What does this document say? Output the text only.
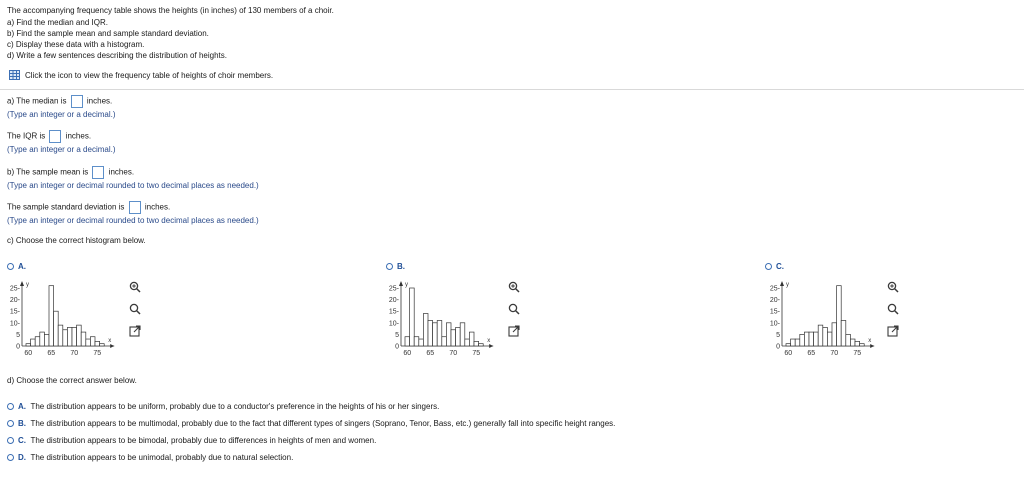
The accompanying frequency table shows the heights (in inches) of 130 members of a choir.
a) Find the median and IQR.
b) Find the sample mean and sample standard deviation.
c) Display these data with a histogram.
d) Write a few sentences describing the distribution of heights.
Click the icon to view the frequency table of heights of choir members.
a) The median is	inches.
(Type an integer or a decimal.)
The IQR is	inches.
(Type an integer or a decimal.)
b) The sample mean is	inches.
(Type an integer or decimal rounded to two decimal places as needed.)
The sample standard deviation is	inches.
(Type an integer or decimal rounded to two decimal places as needed.)
c) Choose the correct histogram below.
A.
y
x
0
5
10-
15-
20-
25-
60 65 70 75
B.
y
x
0
5
10-
15-
20-
25-
60 65 70 75
C.
y
x
0
5
10-
15-
20-
25-
60 65 70 75
d) Choose the correct answer below.
A. The distribution appears to be uniform, probably due to a conductor's preference in the heights of his or her singers.
B. The distribution appears to be multimodal, probably due to the fact that different types of singers (Soprano, Tenor, Bass, etc.) generally fall into specific height ranges.
C. The distribution appears to be bimodal, probably due to differences in heights of men and women.
D. The distribution appears to be unimodal, probably due to natural selection.
